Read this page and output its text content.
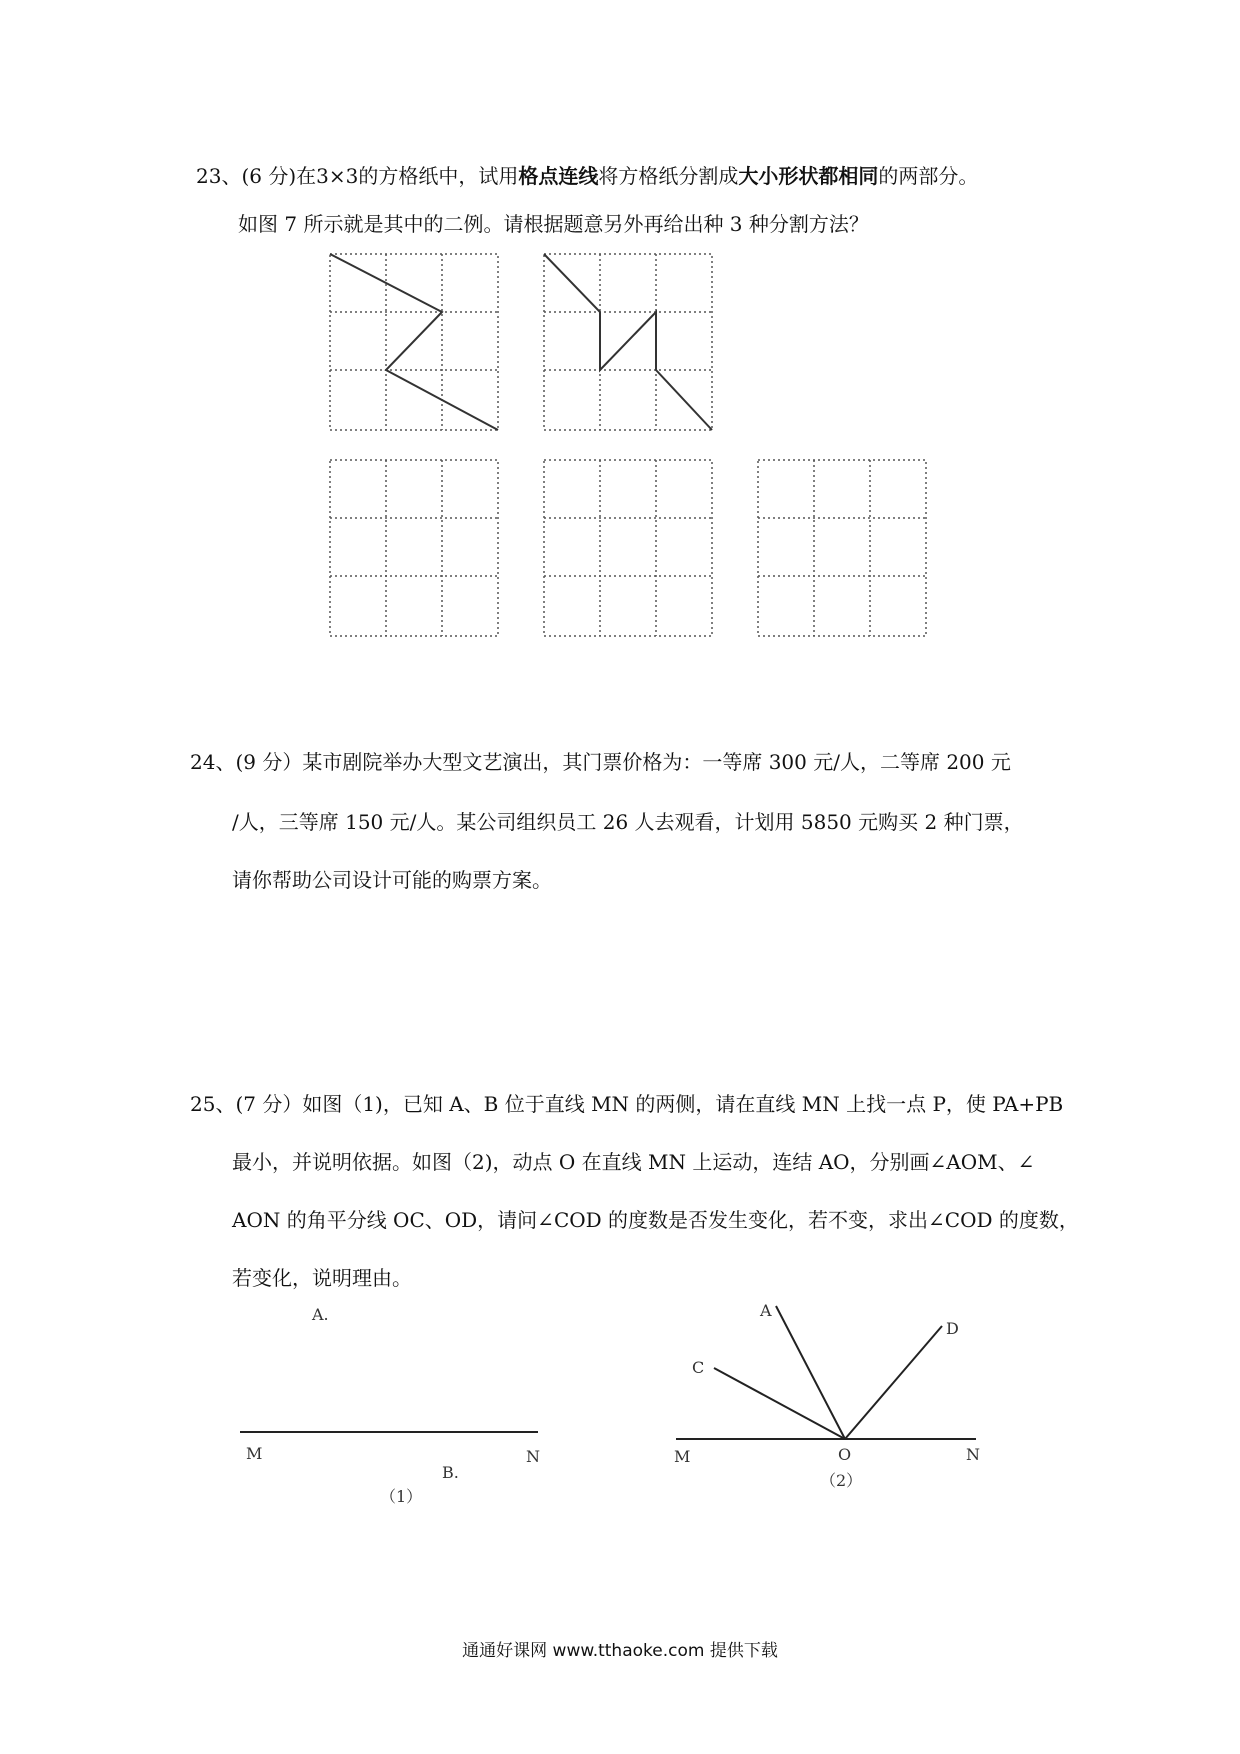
23、(6 分)在3×3的方格纸中，试用格点连线将方格纸分割成大小形状都相同的两部分。
如图 7 所示就是其中的二例。请根据题意另外再给出种 3 种分割方法？
24、(9 分）某市剧院举办大型文艺演出，其门票价格为：一等席 300 元/人，二等席 200 元
/人，三等席 150 元/人。某公司组织员工 26 人去观看，计划用 5850 元购买 2 种门票，
请你帮助公司设计可能的购票方案。
25、(7 分）如图（1)，已知 A、B 位于直线 MN 的两侧，请在直线 MN 上找一点 P，使 PA+PB
最小，并说明依据。如图（2)，动点 O 在直线 MN 上运动，连结 AO，分别画∠AOM、∠
AON 的角平分线 OC、OD，请问∠COD 的度数是否发生变化，若不变，求出∠COD 的度数，
若变化，说明理由。
A.
M	N
B.
（1）
A
C
D
M	O	N
（2）
通通好课网 www.tthaoke.com 提供下载
